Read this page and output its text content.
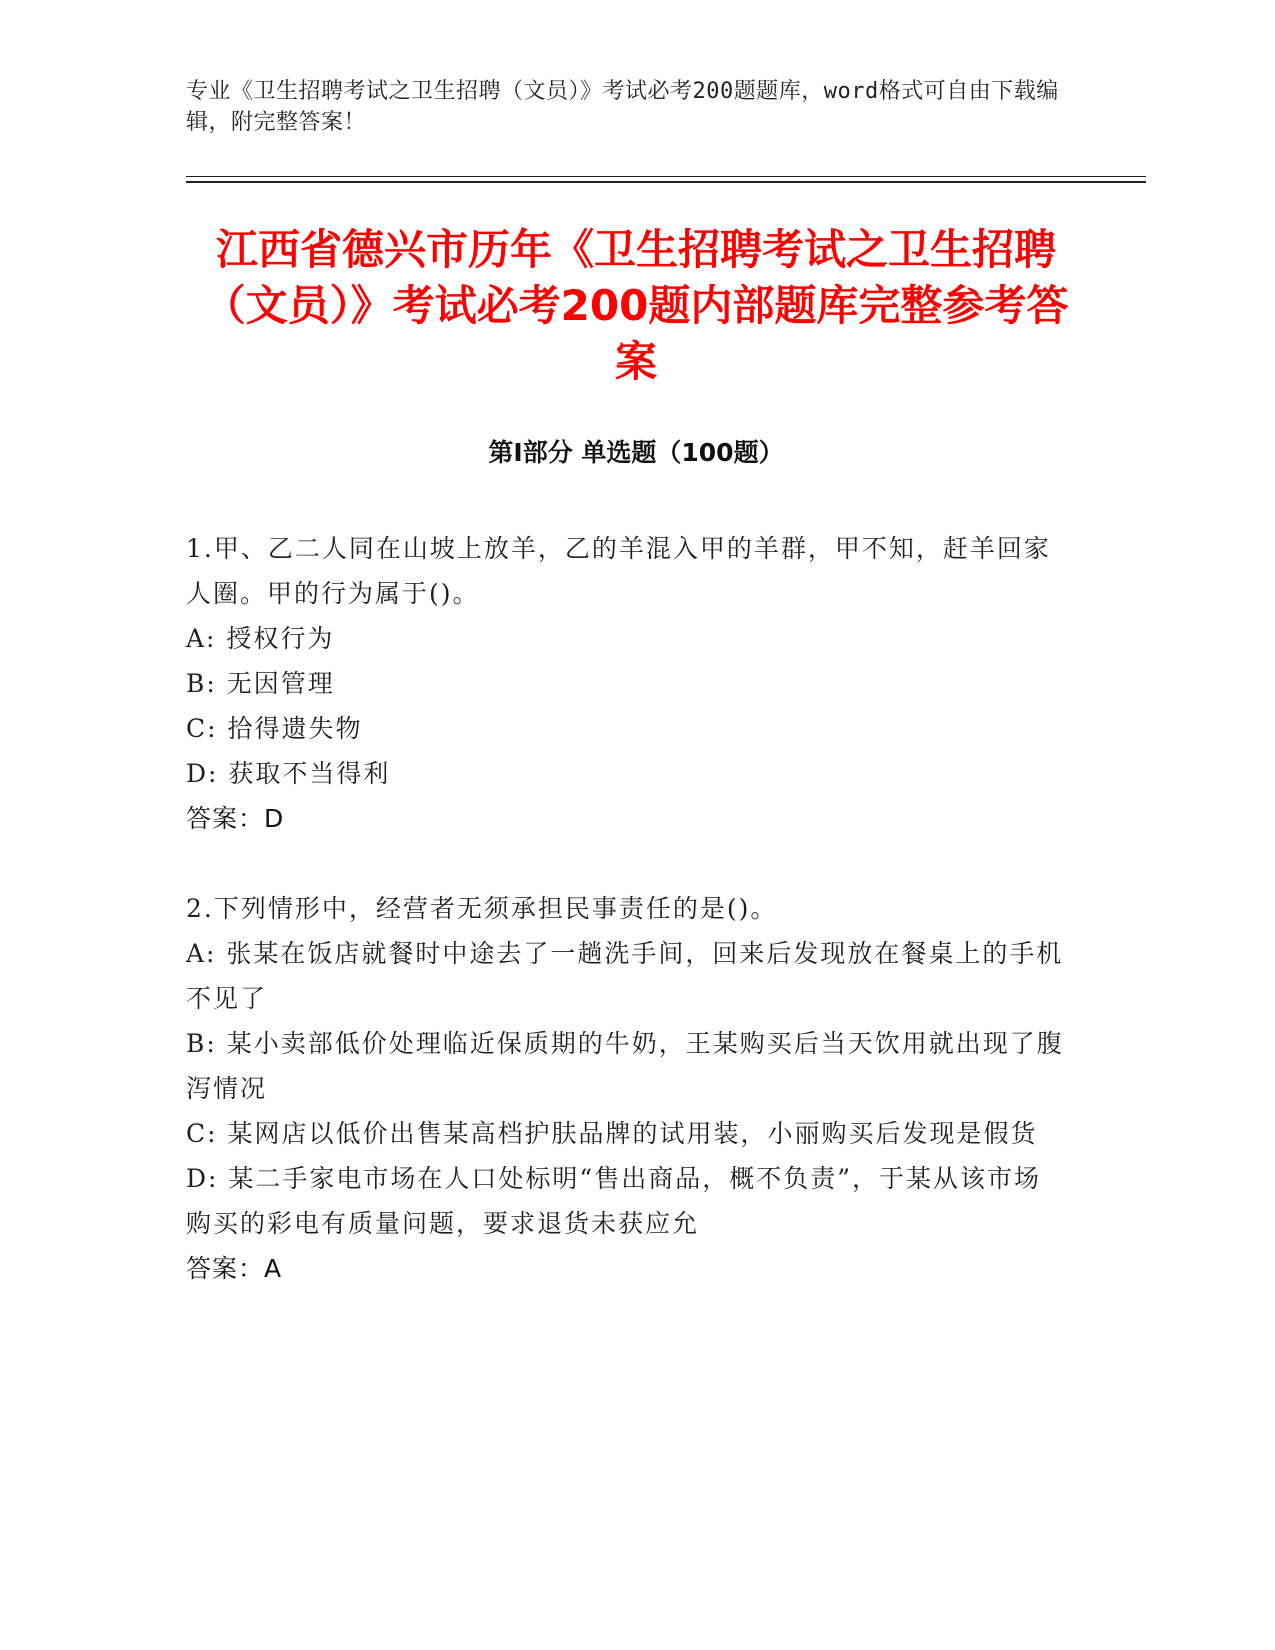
专业《卫生招聘考试之卫生招聘（文员）》考试必考200题题库，word格式可自由下载编辑，附完整答案！
江西省德兴市历年《卫生招聘考试之卫生招聘（文员）》考试必考200题内部题库完整参考答案
第Ⅰ部分 单选题（100题）

1.甲、乙二人同在山坡上放羊，乙的羊混入甲的羊群，甲不知，赶羊回家人圈。甲的行为属于()。

A: 授权行为

B: 无因管理

C: 拾得遗失物

D: 获取不当得利

答案：D

2.下列情形中，经营者无须承担民事责任的是()。

A: 张某在饭店就餐时中途去了一趟洗手间，回来后发现放在餐桌上的手机不见了

B: 某小卖部低价处理临近保质期的牛奶，王某购买后当天饮用就出现了腹泻情况

C: 某网店以低价出售某高档护肤品牌的试用装，小丽购买后发现是假货

D: 某二手家电市场在人口处标明“售出商品，概不负责”，于某从该市场购买的彩电有质量问题，要求退货未获应允

答案：A
